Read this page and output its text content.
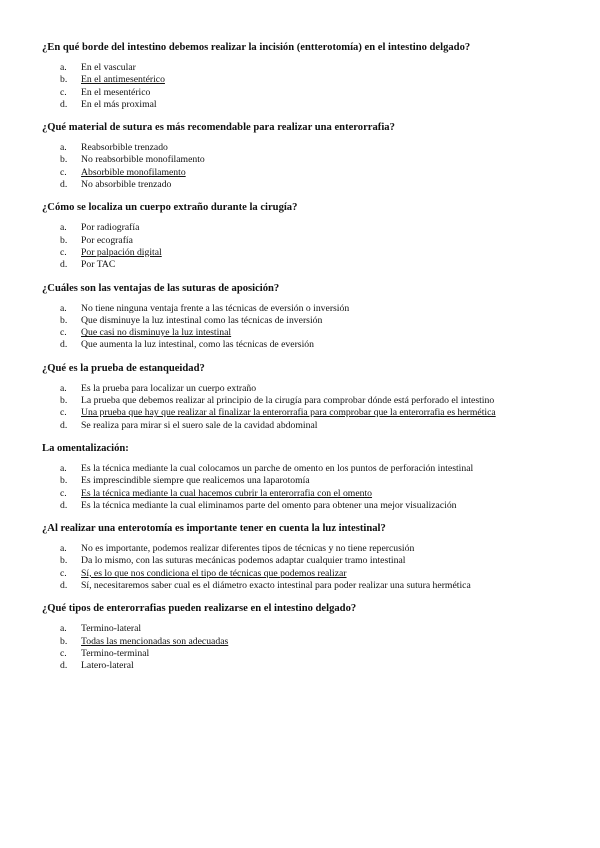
¿En qué borde del intestino debemos realizar la incisión (entterotomía) en el intestino delgado?
a.	En el vascular
b.	En el antimesentérico
c.	En el mesentérico
d.	En el más proximal
¿Qué material de sutura es más recomendable para realizar una enterorrafia?
a.	Reabsorbible trenzado
b.	No reabsorbible monofilamento
c.	Absorbible monofilamento
d.	No absorbible trenzado
¿Cómo se localiza un cuerpo extraño durante la cirugía?
a.	Por radiografía
b.	Por ecografía
c.	Por palpación digital
d.	Por TAC
¿Cuáles son las ventajas de las suturas de aposición?
a.	No tiene ninguna ventaja frente a las técnicas de eversión o inversión
b.	Que disminuye la luz intestinal como las técnicas de inversión
c.	Que casi no disminuye la luz intestinal
d.	Que aumenta la luz intestinal, como las técnicas de eversión
¿Qué es la prueba de estanqueidad?
a.	Es la prueba para localizar un cuerpo extraño
b.	La prueba que debemos realizar al principio de la cirugía para comprobar dónde está perforado el intestino
c.	Una prueba que hay que realizar al finalizar la enterorrafia para comprobar que la enterorrafia es hermética
d.	Se realiza para mirar si el suero sale de la cavidad abdominal
La omentalización:
a.	Es la técnica mediante la cual colocamos un parche de omento en los puntos de perforación intestinal
b.	Es imprescindible siempre que realicemos una laparotomía
c.	Es la técnica mediante la cual hacemos cubrir la enterorrafia con el omento
d.	Es la técnica mediante la cual eliminamos parte del omento para obtener una mejor visualización
¿Al realizar una enterotomía es importante tener en cuenta la luz intestinal?
a.	No es importante, podemos realizar diferentes tipos de técnicas y no tiene repercusión
b.	Da lo mismo, con las suturas mecánicas podemos adaptar cualquier tramo intestinal
c.	Sí, es lo que nos condiciona el tipo de técnicas que podemos realizar
d.	Sí, necesitaremos saber cual es el diámetro exacto intestinal para poder realizar una sutura hermética
¿Qué tipos de enterorrafias pueden realizarse en el intestino delgado?
a.	Termino-lateral
b.	Todas las mencionadas son adecuadas
c.	Termino-terminal
d.	Latero-lateral
